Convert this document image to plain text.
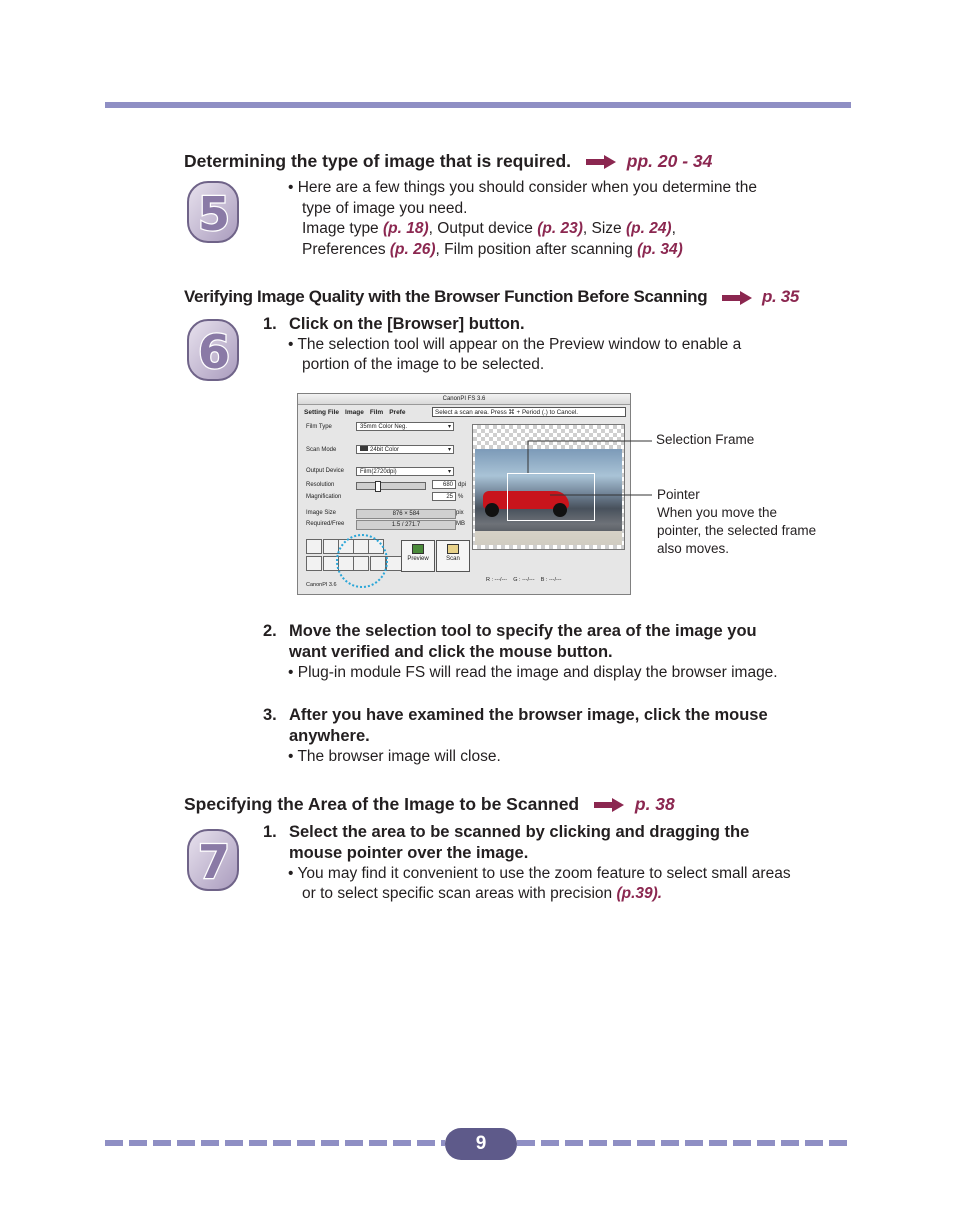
5
Determining the type of image that is required.	pp. 20 - 34
• Here are a few things you should consider when you determine the
type of image you need.
Image type (p. 18), Output device (p. 23), Size (p. 24),
Preferences (p. 26), Film position after scanning (p. 34)
Verifying Image Quality with the Browser Function Before Scanning	p. 35
6
1. Click on the [Browser] button.
• The selection tool will appear on the Preview window to enable a
portion of the image to be selected.
CanonPI FS 3.6
Setting File Image Film Prefe	Select a scan area. Press ⌘ + Period (.) to Cancel.
Film Type	35mm Color Neg.	▾
Scan Mode	24bit Color	▾
Output Device	Film(2720dpi)	▾
Resolution	680 dpi
Magnification	25 %
Image Size	876 × 584	pix
Required/Free	1.5 / 271.7	MB
Preview	Scan
CanonPI 3.6
R : ---/--- G : ---/--- B : ---/---
Selection Frame
Pointer
When you move the
pointer, the selected frame
also moves.
2. Move the selection tool to specify the area of the image you
want verified and click the mouse button.
• Plug-in module FS will read the image and display the browser image.
3. After you have examined the browser image, click the mouse
anywhere.
• The browser image will close.
Specifying the Area of the Image to be Scanned	p. 38
7
1. Select the area to be scanned by clicking and dragging the
mouse pointer over the image.
• You may find it convenient to use the zoom feature to select small areas
or to select specific scan areas with precision (p.39).
9
